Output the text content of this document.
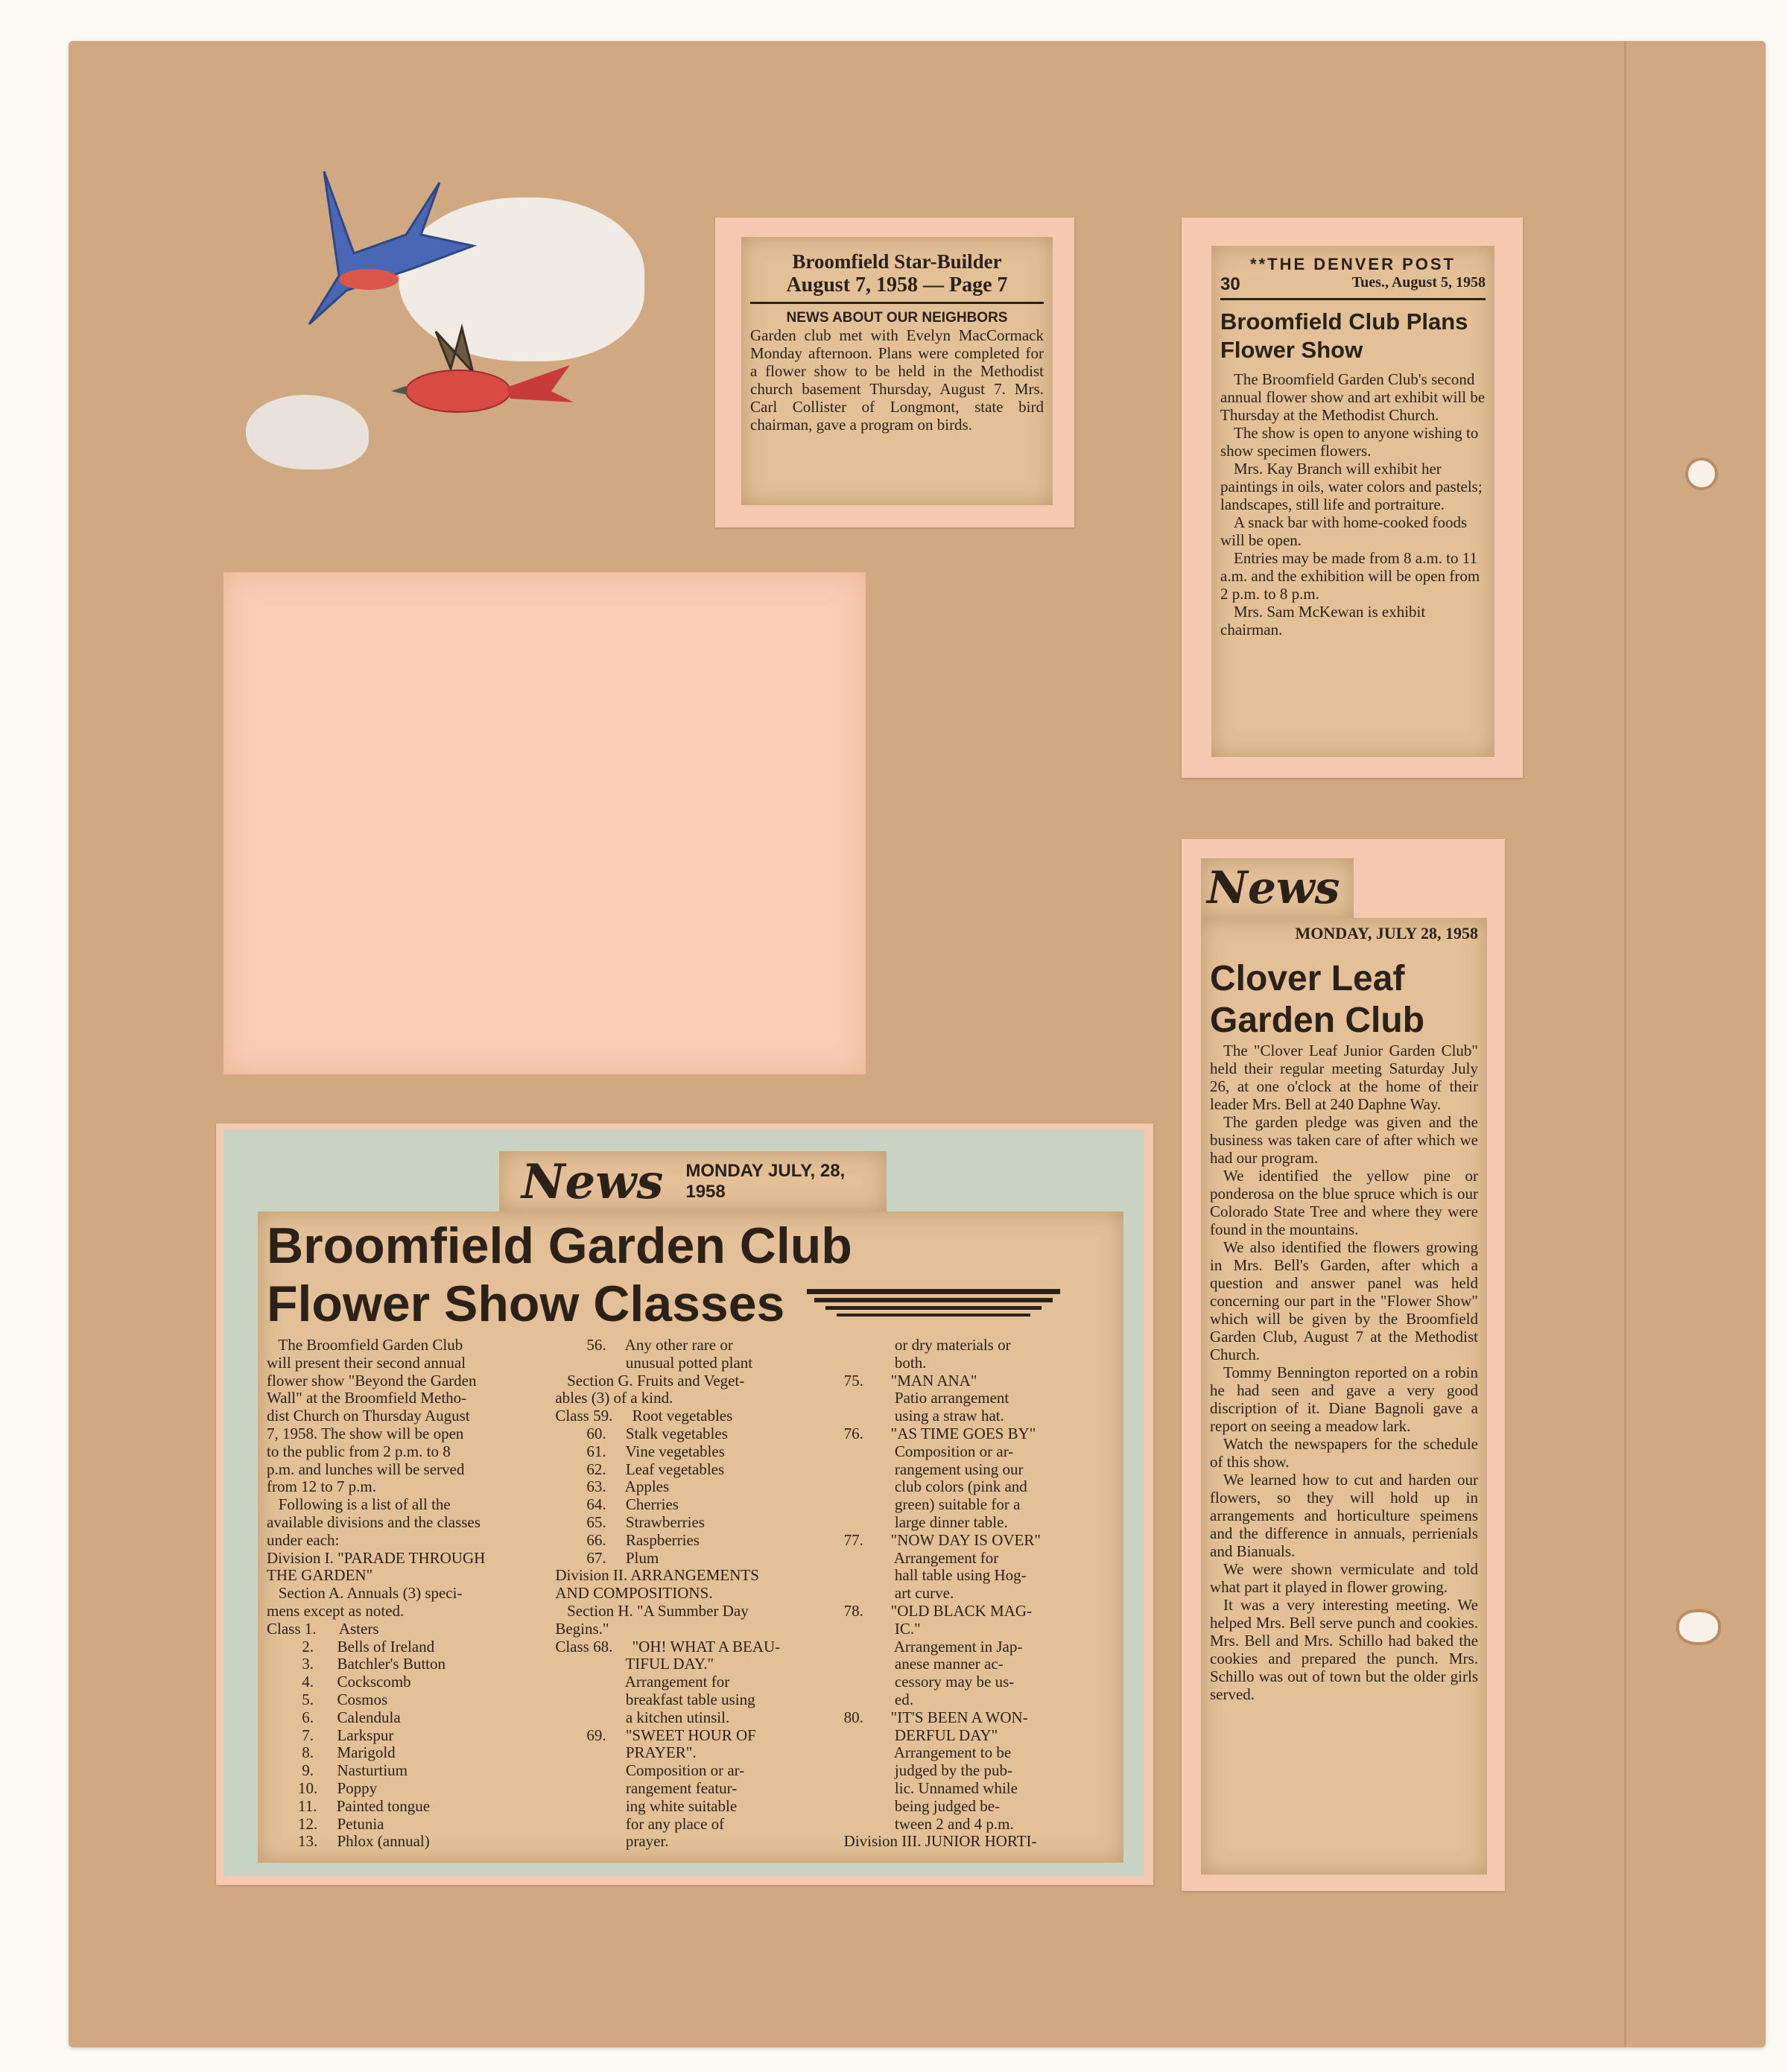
Broomfield Star-Builder
August 7, 1958 — Page 7
NEWS ABOUT OUR NEIGHBORS
Garden club met with Evelyn MacCormack Monday afternoon. Plans were completed for a flower show to be held in the Methodist church basement Thursday, August 7. Mrs. Carl Collister of Longmont, state bird chairman, gave a program on birds.
**THE DENVER POST
30	Tues., August 5, 1958
Broomfield Club Plans Flower Show
The Broomfield Garden Club's second annual flower show and art exhibit will be Thursday at the Methodist Church.
The show is open to anyone wishing to show specimen flowers.
Mrs. Kay Branch will exhibit her paintings in oils, water colors and pastels; landscapes, still life and portraiture.
A snack bar with home-cooked foods will be open.
Entries may be made from 8 a.m. to 11 a.m. and the exhibition will be open from 2 p.m. to 8 p.m.
Mrs. Sam McKewan is exhibit chairman.
News
MONDAY, JULY 28, 1958
Clover Leaf
Garden Club
The "Clover Leaf Junior Garden Club" held their regular meeting Saturday July 26, at one o'clock at the home of their leader Mrs. Bell at 240 Daphne Way.
The garden pledge was given and the business was taken care of after which we had our program.
We identified the yellow pine or ponderosa on the blue spruce which is our Colorado State Tree and where they were found in the mountains.
We also identified the flowers growing in Mrs. Bell's Garden, after which a question and answer panel was held concerning our part in the "Flower Show" which will be given by the Broomfield Garden Club, August 7 at the Methodist Church.
Tommy Bennington reported on a robin he had seen and gave a very good discription of it. Diane Bagnoli gave a report on seeing a meadow lark.
Watch the newspapers for the schedule of this show.
We learned how to cut and harden our flowers, so they will hold up in arrangements and horticulture speimens and the difference in annuals, perrienials and Bianuals.
We were shown vermiculate and told what part it played in flower growing.
It was a very interesting meeting. We helped Mrs. Bell serve punch and cookies. Mrs. Bell and Mrs. Schillo had baked the cookies and prepared the punch. Mrs. Schillo was out of town but the older girls served.
News MONDAY JULY, 28, 1958
Broomfield Garden Club
Flower Show Classes
The Broomfield Garden Club
will present their second annual
flower show "Beyond the Garden
Wall" at the Broomfield Metho-
dist Church on Thursday August
7, 1958. The show will be open
to the public from 2 p.m. to 8
p.m. and lunches will be served
from 12 to 7 p.m.
Following is a list of all the
available divisions and the classes
under each:
Division I. "PARADE THROUGH
THE GARDEN"
Section A. Annuals (3) speci-
mens except as noted.
Class 1.      Asters
2.      Bells of Ireland
3.      Batchler's Button
4.      Cockscomb
5.      Cosmos
6.      Calendula
7.      Larkspur
8.      Marigold
9.      Nasturtium
10.     Poppy
11.     Painted tongue
12.     Petunia
13.     Phlox (annual)
56.     Any other rare or
unusual potted plant
Section G. Fruits and Veget-
ables (3) of a kind.
Class 59.     Root vegetables
60.     Stalk vegetables
61.     Vine vegetables
62.     Leaf vegetables
63.     Apples
64.     Cherries
65.     Strawberries
66.     Raspberries
67.     Plum
Division II. ARRANGEMENTS
AND COMPOSITIONS.
Section H. "A Summber Day
Begins."
Class 68.     "OH! WHAT A BEAU-
TIFUL DAY."
Arrangement for
breakfast table using
a kitchen utinsil.
69.     "SWEET HOUR OF
PRAYER".
Composition or ar-
rangement featur-
ing white suitable
for any place of
prayer.
or dry materials or
both.
75.       "MAN ANA"
Patio arrangement
using a straw hat.
76.       "AS TIME GOES BY"
Composition or ar-
rangement using our
club colors (pink and
green) suitable for a
large dinner table.
77.       "NOW DAY IS OVER"
Arrangement for
hall table using Hog-
art curve.
78.       "OLD BLACK MAG-
IC."
Arrangement in Jap-
anese manner ac-
cessory may be us-
ed.
80.       "IT'S BEEN A WON-
DERFUL DAY"
Arrangement to be
judged by the pub-
lic. Unnamed while
being judged be-
tween 2 and 4 p.m.
Division III. JUNIOR HORTI-
